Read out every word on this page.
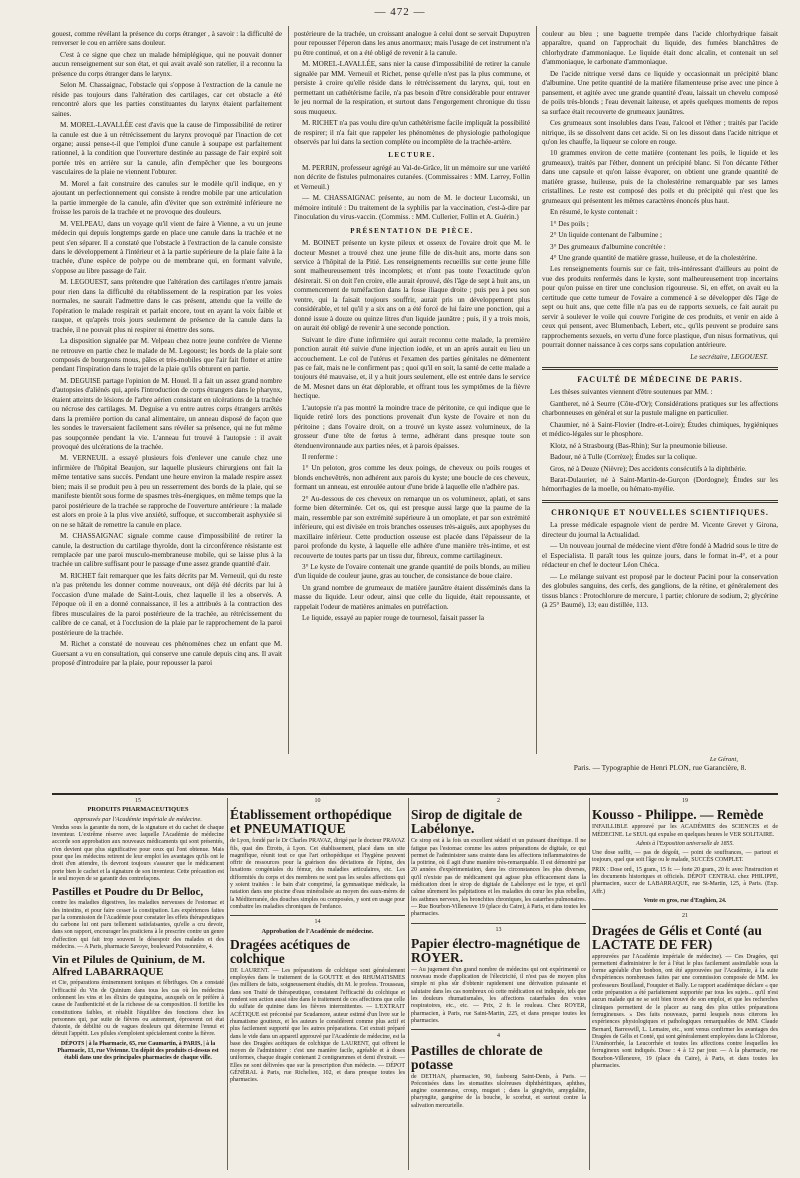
— 472 —

gouest, comme révélant la présence du corps étranger , à savoir : la difficulté de renverser le cou en arrière sans douleur.

C'est à ce signe que chez un malade hémiplégique, qui ne pouvait donner aucun renseignement sur son état, et qui avait avalé son ratelier, il a reconnu la présence du corps étranger dans le larynx.

Selon M. Chassaignac, l'obstacle qui s'oppose à l'extraction de la canule ne réside pas toujours dans l'altération des cartilages, car cet obstacle a été rencontré alors que les parties constituantes du larynx étaient parfaitement saines.

M. MOREL-LAVALLÉE cest d'avis que la cause de l'impossibilité de retirer la canule est due à un rétrécissement du larynx provoqué par l'inaction de cet organe; aussi pense-t-il que l'emploi d'une canule à soupape est parfaitement rationnel, à la condition que l'ouverture destinée au passage de l'air expiré soit portée très en arrière sur la canule, afin d'empêcher que les bourgeons vasculaires de la plaie ne viennent l'obturer.

M. Morel a fait construire des canules sur le modèle qu'il indique, en y ajoutant un perfectionnement qui consiste à rendre mobile par une articulation la partie immergée de la canule, afin d'éviter que son extrémité inférieure ne froisse les parois de la trachée et ne provoque des douleurs.

M. VELPEAU, dans un voyage qu'il vient de faire à Vienne, a vu un jeune médecin qui depuis longtemps garde en place une canule dans la trachée et ne peut s'en séparer. Il a constaté que l'obstacle à l'extraction de la canule consiste dans le développement à l'intérieur et à la partie supérieure de la plaie faite à la trachée, d'une espèce de polype ou de membrane qui, en formant valvule, s'oppose au libre passage de l'air.

M. LEGOUEST, sans prétendre que l'altération des cartilages n'entre jamais pour rien dans la difficulté du rétablissement de la respiration par les voies normales, ne saurait l'admettre dans le cas présent, attendu que la veille de l'opération le malade respirait et parlait encore, tout en ayant la voix faible et rauque, et qu'après trois jours seulement de présence de la canule dans la trachée, il ne pouvait plus ni respirer ni émettre des sons.

La disposition signalée par M. Velpeau chez notre jeune confrère de Vienne ne retrouve en partie chez le malade de M. Legouest; les bords de la plaie sont composés de bourgeons mous, pâles et très-mobiles que l'air fait flotter et attire pendant l'inspiration dans le trajet de la plaie qu'ils obturent en partie.

M. DEGUISE partage l'opinion de M. Houel. Il a fait un assez grand nombre d'autopsies d'aliénés qui, après l'introduction de corps étrangers dans le pharynx, étaient atteints de lésions de l'arbre aérien consistant en ulcérations de la trachée ou nécrose des cartilages. M. Deguise a vu entre autres corps étrangers arrêtés dans la première portion du canal alimentaire, un anneau disposé de façon que les sondes le traversaient facilement sans révéler sa présence, qui ne fut même pas soupçonnée pendant la vie. L'anneau fut trouvé à l'autopsie : il avait provoqué des ulcérations de la trachée.

M. VERNEUIL a essayé plusieurs fois d'enlever une canule chez une infirmière de l'hôpital Beaujon, sur laquelle plusieurs chirurgiens ont fait la même tentative sans succès. Pendant une heure environ la malade respire assez bien; mais il se produit peu à peu un resserrement des bords de la plaie, qui se manifeste bientôt sous forme de spasmes très-énergiques, en même temps que la paroi postérieure de la trachée se rapproche de l'ouverture antérieure : la malade est alors en proie à la plus vive anxiété, suffoque, et succomberait asphyxiée si on ne se hâtait de remettre la canule en place.

M. CHASSAIGNAC signale comme cause d'impossibilité de retirer la canule, la destruction du cartilage thyroïde, dont la circonférence résistante est remplacée par une paroi musculo-membraneuse mobile, qui se laisse plus à la trachée un calibre suffisant pour le passage d'une assez grande quantité d'air.

M. RICHET fait remarquer que les faits décrits par M. Verneuil, qui du reste n'a pas prétendu les donner comme nouveaux, ont déjà été décrits par lui à l'occasion d'une malade de Saint-Louis, chez laquelle il les a observés. A l'époque où il en a donné connaissance, il les a attribués à la contraction des fibres musculaires de la paroi postérieure de la trachée, au rétrécissement du calibre de ce canal, et à l'occlusion de la plaie par le rapprochement de la paroi postérieure de la trachée.

M. Richet a constaté de nouveau ces phénomènes chez un enfant que M. Guersant a vu en consultation, qui conserve une canule depuis cinq ans. Il avait proposé d'introduire par la plaie, pour repousser la paroi

postérieure de la trachée, un croissant analogue à celui dont se servait Dupuytren pour repousser l'éperon dans les anus anormaux; mais l'usage de cet instrument n'a pu être continué, et on a été obligé de revenir à la canule.

M. MOREL-LAVALLÉE, sans nier la cause d'impossibilité de retirer la canule signalée par MM. Verneuil et Richet, pense qu'elle n'est pas la plus commune, et persiste à croire qu'elle réside dans le rétrécissement du larynx, qui, tout en permettant un cathétérisme facile, n'a pas besoin d'être considérable pour entraver le jeu normal de la respiration, et surtout dans l'engorgement chronique du tissu sous muqueux.

M. RICHET n'a pas voulu dire qu'un cathétérisme facile impliquât la possibilité de respirer; il n'a fait que rappeler les phénomènes de physiologie pathologique observés par lui dans la section complète ou incomplète de la trachée-artère.

LECTURE.

M. PERRIN, professeur agrégé au Val-de-Grâce, lit un mémoire sur une variété non décrite de fistules pulmonaires cutanées. (Commissaires : MM. Larrey, Follin et Verneuil.)

— M. CHASSAIGNAC présente, au nom de M. le docteur Lucomski, un mémoire intitulé : Du traitement de la syphilis par la vaccination, c'est-à-dire par l'inoculation du virus-vaccin. (Commiss. : MM. Cullerier, Follin et A. Guérin.)

PRÉSENTATION DE PIÈCE.

M. BOINET présente un kyste pileux et osseux de l'ovaire droit que M. le docteur Mesnet a trouvé chez une jeune fille de dix-huit ans, morte dans son service à l'hôpital de la Pitié. Les renseignements recueillis sur cette jeune fille sont malheureusement très incomplets; et n'ont pas toute l'exactitude qu'on désirerait. Si on doit l'en croire, elle aurait éprouvé, dès l'âge de sept à huit ans, un commencement de tuméfaction dans la fosse iliaque droite ; puis peu à peu son ventre, qui la faisait toujours souffrir, aurait pris un développement plus considérable, et tel qu'il y a six ans on a été forcé de lui faire une ponction, qui a donné issue à douze ou quinze litres d'un liquide jaunâtre ; puis, il y a trois mois, on aurait été obligé de revenir à une seconde ponction.

Suivant le dire d'une infirmière qui aurait reconnu cette malade, la première ponction aurait été suivie d'une injection iodée, et un an après aurait eu lieu un accouchement. Le col de l'utérus et l'examen des parties génitales ne démentent pas ce fait, mais ne le confirment pas ; quoi qu'il en soit, la santé de cette malade a toujours été mauvaise, et, il y a huit jours seulement, elle est entrée dans le service de M. Mesnet dans un état déplorable, et offrant tous les symptômes de la fièvre hectique.

L'autopsie n'a pas montré la moindre trace de péritonite, ce qui indique que le liquide retiré lors des ponctions provenait d'un kyste de l'ovaire et non du péritoine ; dans l'ovaire droit, on a trouvé un kyste assez volumineux, de la grosseur d'une tête de fœtus à terme, adhérant dans presque toute son étenduenvironnaude aux parties nées, et à parois épaisses.

Il renferme :

1° Un peloton, gros comme les deux poings, de cheveux ou poils rouges et blonds enchevêtrés, non adhérent aux parois du kyste; une boucle de ces cheveux, formant un anneau, est enroulée autour d'une bride à laquelle elle n'adhère pas.

2° Au-dessous de ces cheveux on remarque un os volumineux, aplati, et sans forme bien déterminée. Cet os, qui est presque aussi large que la paume de la main, ressemble par son extrémité supérieure à un omoplate, et par son extrémité inférieure, qui est divisée en trois branches osseuses très-aiguës, aux apophyses du maxillaire inférieur. Cette production osseuse est placée dans l'épaisseur de la paroi profonde du kyste, à laquelle elle adhère d'une manière très-intime, et est recouverte de toutes parts par un tissu dur, fibreux, comme cartilagineux.

3° Le kyste de l'ovaire contenait une grande quantité de poils blonds, au milieu d'un liquide de couleur jaune, gras au toucher, de consistance de boue claire.

Un grand nombre de grumeaux de matière jaunâtre étaient disséminés dans la masse du liquide. Leur odeur, ainsi que celle du liquide, était repoussante, et rappelait l'odeur de matières animales en putréfaction.

Le liquide, essayé au papier rouge de tournesol, faisait passer la

couleur au bleu ; une baguette trempée dans l'acide chlorhydrique faisait apparaître, quand on l'approchait du liquide, des fumées blanchâtres de chlorhydrate d'ammoniaque. Le liquide était donc alcalin, et contenait un sel d'ammoniaque, le carbonate d'ammoniaque.

De l'acide nitrique versé dans ce liquide y occasionnait un précipité blanc d'albumine. Une petite quantité de la matière filamenteuse prise avec une pince à pansement, et agitée avec une grande quantité d'eau, laissait un chevelu composé de poils très-blonds ; l'eau devenait laiteuse, et après quelques moments de repos sa surface était recouverte de grumeaux jaunâtres.

Ces grumeaux sont insolubles dans l'eau, l'alcool et l'éther ; traités par l'acide nitrique, ils se dissolvent dans cet acide. Si on les dissout dans l'acide nitrique et qu'on les chauffe, la liqueur se colore en rouge.

10 grammes environ de cette matière (contenant les poils, le liquide et les grumeaux), traités par l'éther, donnent un précipité blanc. Si l'on décante l'éther dans une capsule et qu'on laisse évaporer, on obtient une grande quantité de matière grasse, huileuse, puis de la cholestérine remarquable par ses lames cristallines. Le reste est composé des poils et du précipité qui n'est que les grumeaux qui présentent les mêmes caractères énoncés plus haut.

En résumé, le kyste contenait :

1° Des poils ;

2° Un liquide contenant de l'albumine ;

3° Des grumeaux d'albumine concrétée :

4° Une grande quantité de matière grasse, huileuse, et de la cholestérine.

Les renseignements fournis sur ce fait, très-intéressant d'ailleurs au point de vue des produits renfermés dans le kyste, sont malheureusement trop incertains pour qu'on puisse en tirer une conclusion rigoureuse. Si, en effet, on avait eu la certitude que cette tumeur de l'ovaire a commencé à se développer dès l'âge de sept ou huit ans, que cette fille n'a pas eu de rapports sexuels, ce fait aurait pu servir à soulever le voile qui couvre l'origine de ces produits, et venir en aide à ceux qui pensent, avec Blumenbach, Lebert, etc., qu'ils peuvent se produire sans rapprochements sexuels, en vertu d'une force plastique, d'un nisus formativus, qui pourrait donner naissance à ces corps sans copulation antérieure.

Le secrétaire, LEGOUEST.
FACULTÉ DE MÉDECINE DE PARIS.

Les thèses suivantes viennent d'être soutenues par MM. :

Gantheret, né à Seurre (Côte-d'Or); Considérations pratiques sur les affections charbonneuses en général et sur la pustule maligne en particulier.

Chaumier, né à Saint-Flovier (Indre-et-Loire); Études chimiques, hygiéniques et médico-légales sur le phosphore.

Klotz, né à Strasbourg (Bas-Rhin); Sur la pneumonie bilieuse.

Badour, né à Tulle (Corrèze); Études sur la colique.

Gros, né à Deuze (Nièvre); Des accidents consécutifs à la diphthérie.

Barat-Dulaurier, né à Saint-Martin-de-Gurçon (Dordogne); Études sur les hémorrhagies de la moelle, ou hémato-myélie.

CHRONIQUE ET NOUVELLES SCIENTIFIQUES.

La presse médicale espagnole vient de perdre M. Vicente Grevet y Girona, directeur du journal la Actualidad.

— Un nouveau journal de médecine vient d'être fondé à Madrid sous le titre de el Especialista. Il paraît tous les quinze jours, dans le format in-4°, et a pour rédacteur en chef le docteur Léon Chéca.

— Le mélange suivant est proposé par le docteur Pacini pour la conservation des globules sanguins, des cerfs, des ganglions, de la rétine, et généralement des tissus blancs : Protochlorure de mercure, 1 partie; chlorure de sodium, 2; glycérine (à 25° Baumé), 13; eau distillée, 113.

Le Gérant,
Paris. — Typographie de Henri PLON, rue Garancière, 8.
15
PRODUITS PHARMACEUTIQUES
approuvés par l'Académie impériale de médecine.

Vendus sous la garantie du nom, de la signature et du cachet de chaque inventeur. L'extrême réserve avec laquelle l'Académie de médecine accorde son approbation aux nouveaux médicaments qui sont présentés, n'en devient que plus significative pour ceux qui l'ont obtenue. Mais pour que les médecins retirent de leur emploi les avantages qu'ils ont le droit d'en attendre, ils devront toujours s'assurer que le médicament porte bien le cachet et la signature de son inventeur. Cette précaution est le seul moyen de se garantir des contrefaçons.

Pastilles et Poudre du Dr Belloc,

contre les maladies digestives, les maladies nerveuses de l'estomac et des intestins, et pour faire cesser la constipation. Les expériences faites par la commission de l'Académie pour constater les effets thérapeutiques du carbone lui ont paru tellement satisfaisantes, qu'elle a cru devoir, dans son rapport, encourager les praticiens à le prescrire contre un genre d'affection qui fait trop souvent le désespoir des malades et des médecins. — A Paris, pharmacie Savoye, boulevard Poissonnière, 4.

Vin et Pilules de Quinium, de M. Alfred LABARRAQUE

et Cie, préparations éminemment toniques et fébrifuges. On a constaté l'efficacité du Vin de Quinium dans tous les cas où les médecins ordonnent les vins et les élixirs de quinquina, auxquels on le préfère à cause de l'authenticité et de la richesse de sa composition. Il fortifie les constitutions faibles, et rétablit l'équilibre des fonctions chez les personnes qui, par suite de fièvres ou autrement, éprouvent cet état d'atonie, de débilité ou de vagues douleurs qui détermine l'ennui et détruit l'appétit. Les pilules s'emploient spécialement contre la fièvre.

DÉPOTS | à la Pharmacie, 65, rue Caumartin, à PARIS, | à la Pharmacie, 13, rue Vivienne. Un dépôt des produits ci-dessus est établi dans une des principales pharmacies de chaque ville.

10
Établissement orthopédique et PNEUMATIQUE

de Lyon, fondé par le Dr Charles PRAVAZ, dirigé par le docteur PRAVAZ fils, quai des Étroits, à Lyon. Cet établissement, placé dans un site magnifique, réunit tout ce que l'art orthopédique et l'hygiène peuvent offrir de ressources pour la guérison des déviations de l'épine, des luxations congéniales du fémur, des maladies articulaires, etc. Les difformités du corps et des membres ne sont pas les seules affections qui y soient traitées : le bain d'air comprimé, la gymnastique médicale, la natation dans une piscine d'eau minéralisée au moyen des eaux-mères de la Méditerranée, des douches simples ou composées, y sont en usage pour combattre les maladies chroniques de l'enfance.

14
Approbation de l'Académie de médecine.
Dragées acétiques de colchique

DE LAURENT. — Les préparations de colchique sont généralement employées dans le traitement de la GOUTTE et des RHUMATISMES (les milliers de faits, soigneusement étudiés, dit M. le profess. Trousseau, dans son Traité de thérapeutique, constatent l'efficacité du colchique et rendent son action aussi sûre dans le traitement de ces affections que celle du sulfate de quinine dans les fièvres intermittentes. — L'EXTRAIT ACÉTIQUE est préconisé par Scudamore, auteur estimé d'un livre sur le rhumatisme goutteux, et les auteurs le considèrent comme plus actif et plus facilement supporté que les autres préparations. Cet extrait préparé dans le vide dans un appareil approuvé par l'Académie de médecine, est la base des Dragées acétiques de colchique de LAURENT, qui offrent le moyen de l'administrer : c'est une manière facile, agréable et à doses uniformes, chaque dragée contenant 2 centigrammes et demi d'extrait. — Elles ne sont délivrées que sur la prescription d'un médecin. — DÉPOT GÉNÉRAL à Paris, rue Richelieu, 102, et dans presque toutes les pharmacies.

2
Sirop de digitale de Labélonye.

Ce sirop est à la fois un excellent sédatif et un puissant diurétique. Il ne fatigue pas l'estomac comme les autres préparations de digitale, ce qui permet de l'administrer sans crainte dans les affections inflammatoires de la poitrine, où il agit d'une manière très-remarquable. Il est démontré par 20 années d'expérimentation, dans les circonstances les plus diverses, qu'il n'existe pas de médicament qui agisse plus efficacement dans la médication dont le sirop de digitale de Labélonye est le type, et qu'il calme sûrement les palpitations et les maladies du cœur les plus rebelles, les asthmes nerveux, les bronchites chroniques, les catarrhes pulmonaires. — Rue Bourbon-Villeneuve 19 (place du Caire), à Paris, et dans toutes les pharmacies.

13
Papier électro-magnétique de ROYER.

— Au jugement d'un grand nombre de médecins qui ont expérimenté ce nouveau mode d'application de l'électricité, il n'est pas de moyen plus simple ni plus sûr d'obtenir rapidement une dérivation puissante et salutaire dans les cas nombreux où cette médication est indiquée, tels que les douleurs rhumatismales, les affections catarrhales des voies respiratoires, etc., etc. — Prix, 2 fr. le rouleau. Chez ROYER, pharmacien, à Paris, rue Saint-Martin, 225, et dans presque toutes les pharmacies.

4
Pastilles de chlorate de potasse

de DETHAN, pharmacien, 90, faubourg Saint-Denis, à Paris. — Préconisées dans les stomatites ulcéreuses diphthéritiques, aphthes, angine couenneuse, croup, muguet ; dans la gingivite, amygdalite, pharyngite, gangrène de la bouche, le scorbut, et surtout contre la salivation mercurielle.

19
Kousso - Philippe. — Remède

INFAILLIBLE approuvé par les ACADÉMIES des SCIENCES et de MÉDECINE. Le SEUL qui expulse en quelques heures le VER SOLITAIRE.

Admis à l'Exposition universelle de 1855.

Une dose suffit, — pas de dégoût, — point de souffrances, — partout et toujours, quel que soit l'âge ou le malade, SUCCÈS COMPLET.

PRIX : Dose ord., 15 gram., 15 fr. — forte 20 gram., 20 fr. avec l'instruction et les documents historiques et officiels. DÉPOT CENTRAL chez PHILIPPE, pharmacien, succr de LABARRAQUE, rue St-Martin, 125, à Paris. (Exp. Affr.)

Vente en gros, rue d'Enghien, 24.

21
Dragées de Gélis et Conté (au LACTATE DE FER)

approuvées par l'Académie impériale de médecine). — Ces Dragées, qui permettent d'administrer le fer à l'état le plus facilement assimilable sous la forme agréable d'un bonbon, ont été approuvées par l'Académie, à la suite d'expériences nombreuses faites par une commission composée de MM. les professeurs Bouillaud, Fouquier et Bally. Le rapport académique déclare « que cette préparation a été parfaitement supportée par tous les sujets... qu'il n'est aucun malade qui ne se soit bien trouvé de son emploi, et que les recherches cliniques permettent de le placer au rang des plus utiles préparations ferrugineuses. » Des faits nouveaux, parmi lesquels nous citerons les expériences physiologiques et pathologiques remarquables de MM. Claude Bernard, Barreswill, L. Lemaire, etc., sont venus confirmer les avantages des Dragées de Gélis et Conté, qui sont généralement employées dans la Chlorose, l'Aménorrhée, la Leucorrhée et toutes les affections contre lesquelles les ferrugineux sont indiqués. Dose : 4 à 12 par jour. — A la pharmacie, rue Bourbon-Villeneuve, 19 (place du Caire), à Paris, et dans toutes les pharmacies.
